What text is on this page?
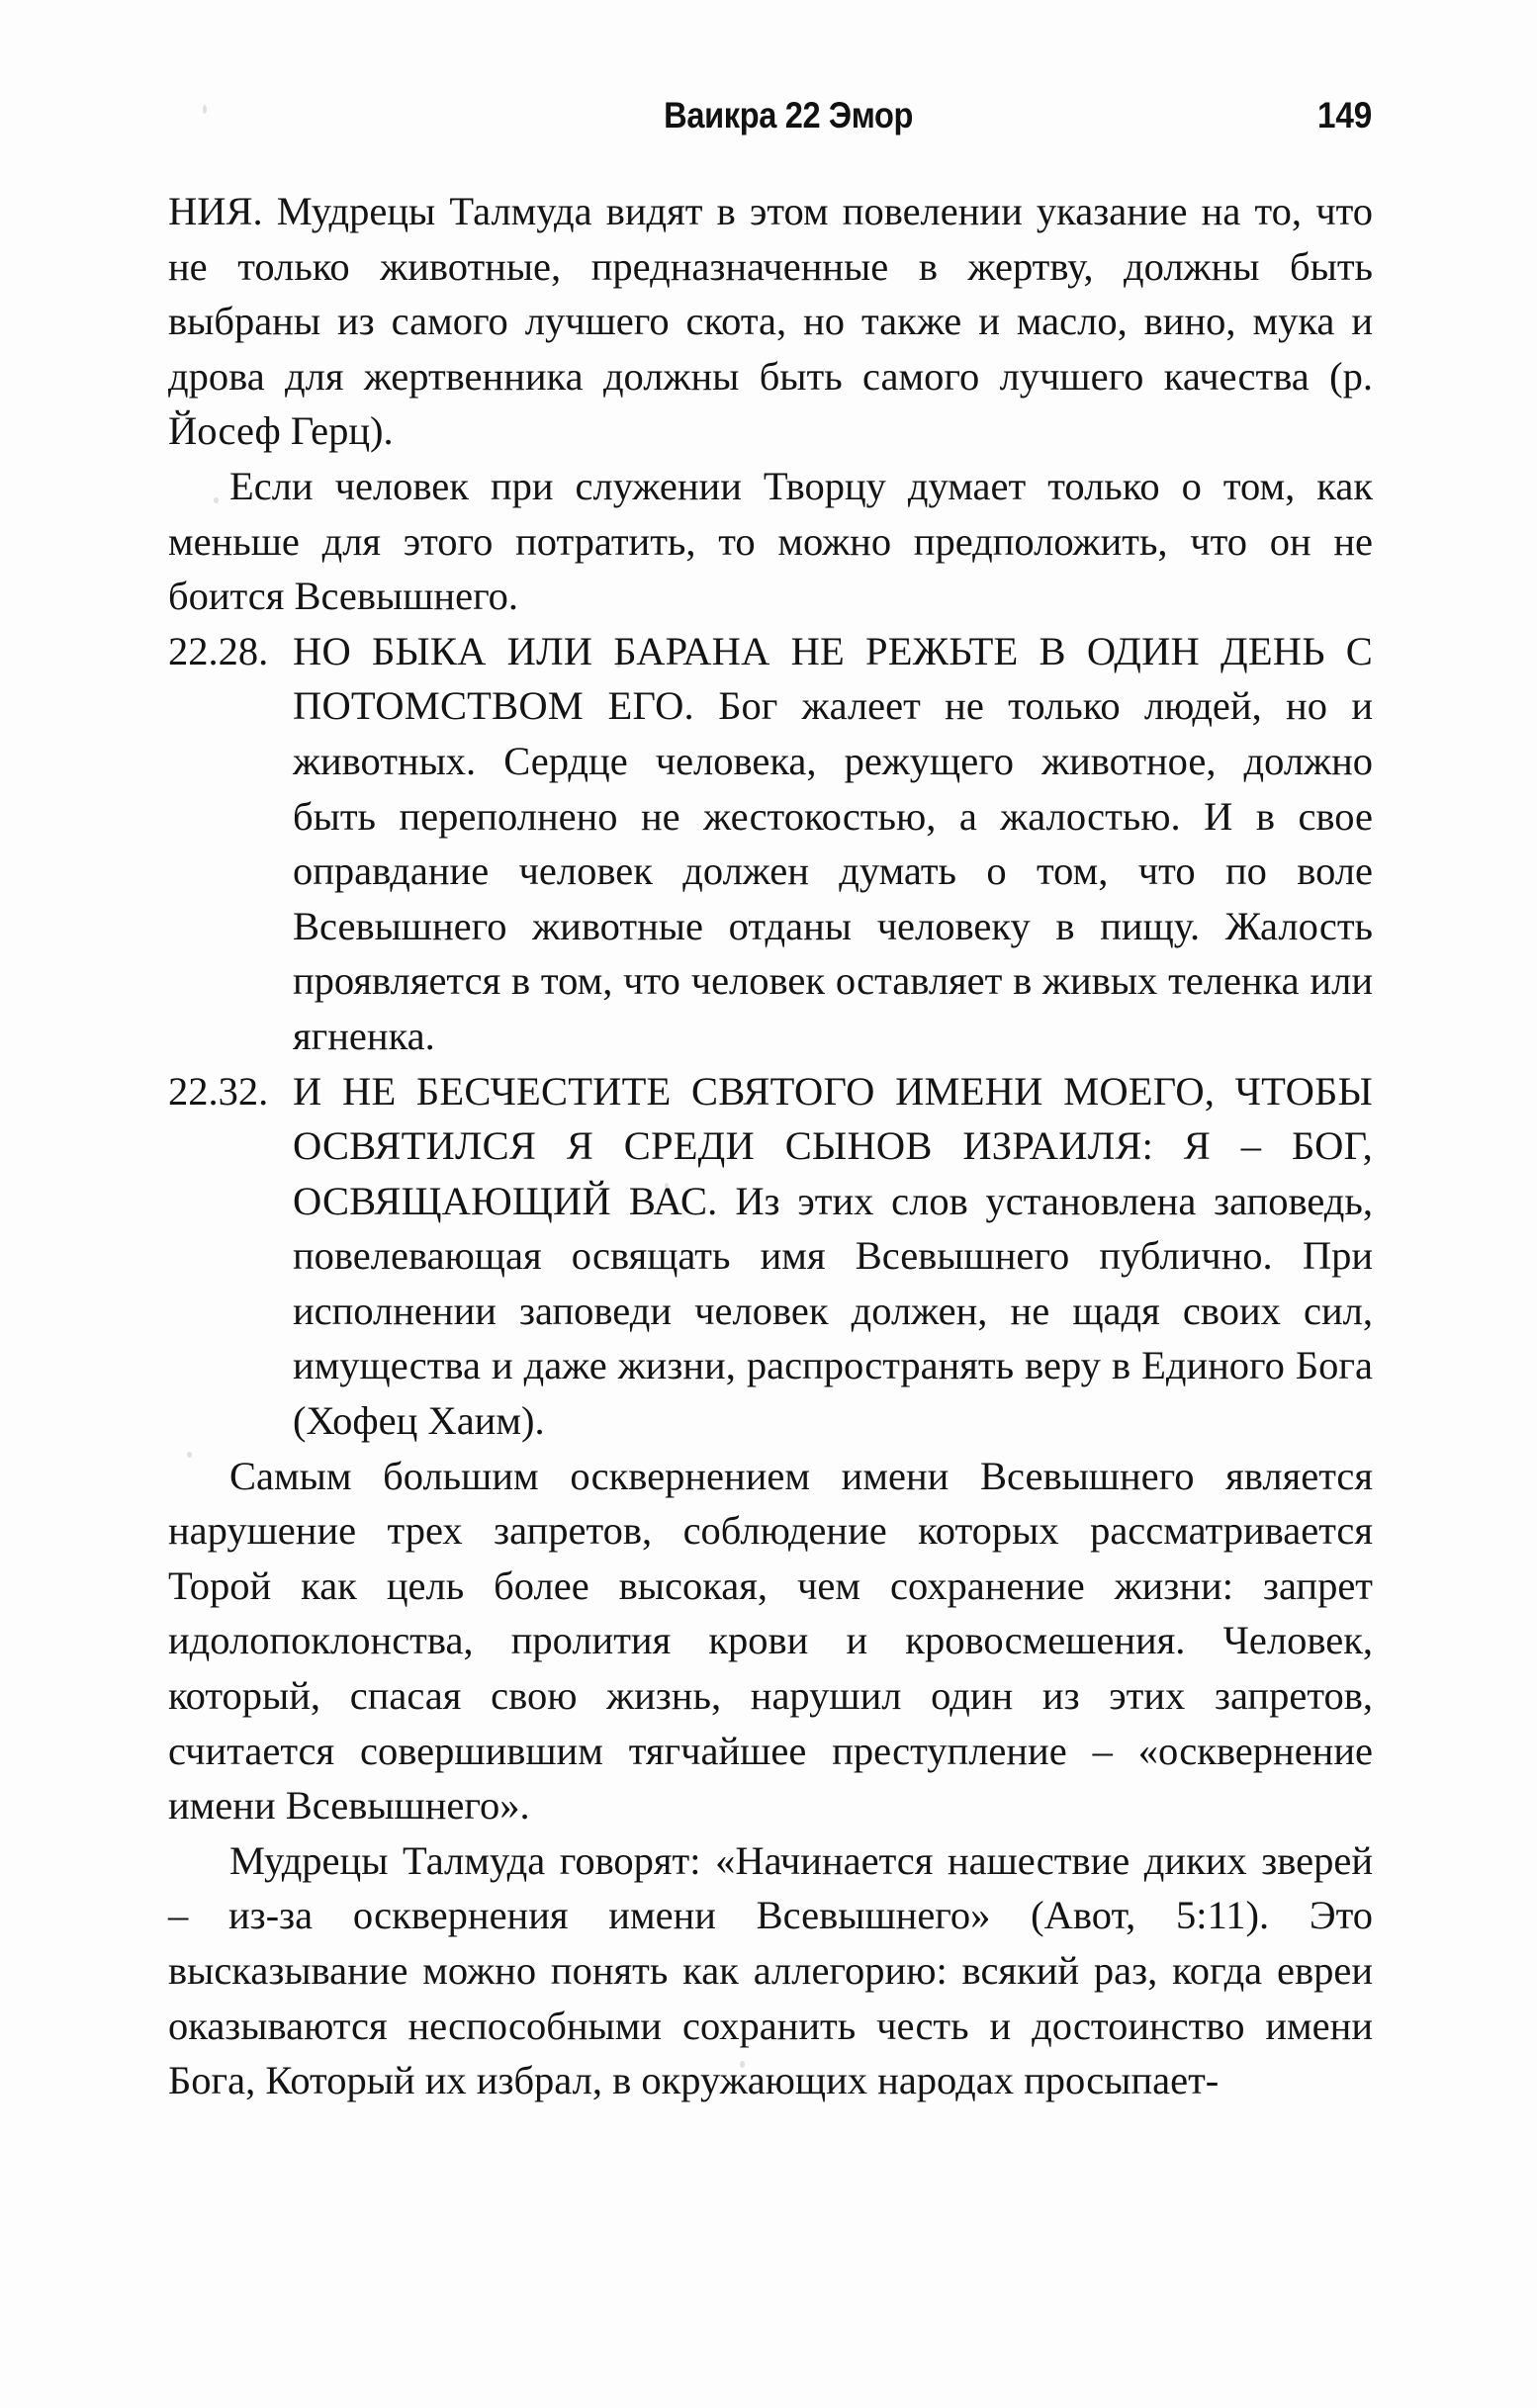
Ваикра 22 Эмор	149

НИЯ. Мудрецы Талмуда видят в этом повелении указание на то, что не только животные, предназначенные в жертву, должны быть выбраны из самого лучшего скота, но также и масло, вино, мука и дрова для жертвенника должны быть самого лучшего качества (р. Йосеф Герц).

Если человек при служении Творцу думает только о том, как меньше для этого потратить, то можно предположить, что он не боится Всевышнего.

22.28. НО БЫКА ИЛИ БАРАНА НЕ РЕЖЬТЕ В ОДИН ДЕНЬ С ПОТОМСТВОМ ЕГО. Бог жалеет не только людей, но и животных. Сердце человека, режущего животное, должно быть переполнено не жестокостью, а жалостью. И в свое оправдание человек должен думать о том, что по воле Всевышнего животные отданы человеку в пищу. Жалость проявляется в том, что человек оставляет в живых теленка или ягненка.

22.32. И НЕ БЕСЧЕСТИТЕ СВЯТОГО ИМЕНИ МОЕГО, ЧТОБЫ ОСВЯТИЛСЯ Я СРЕДИ СЫНОВ ИЗРАИЛЯ: Я – БОГ, ОСВЯЩАЮЩИЙ ВАС. Из этих слов установлена заповедь, повелевающая освящать имя Всевышнего публично. При исполнении заповеди человек должен, не щадя своих сил, имущества и даже жизни, распространять веру в Единого Бога (Хофец Хаим).

Самым большим осквернением имени Всевышнего является нарушение трех запретов, соблюдение которых рассматривается Торой как цель более высокая, чем сохранение жизни: запрет идолопоклонства, пролития крови и кровосмешения. Человек, который, спасая свою жизнь, нарушил один из этих запретов, считается совершившим тягчайшее преступление – «осквернение имени Всевышнего».

Мудрецы Талмуда говорят: «Начинается нашествие диких зверей – из-за осквернения имени Всевышнего» (Авот, 5:11). Это высказывание можно понять как аллегорию: всякий раз, когда евреи оказываются неспособными сохранить честь и достоинство имени Бога, Который их избрал, в окружающих народах просыпает-
